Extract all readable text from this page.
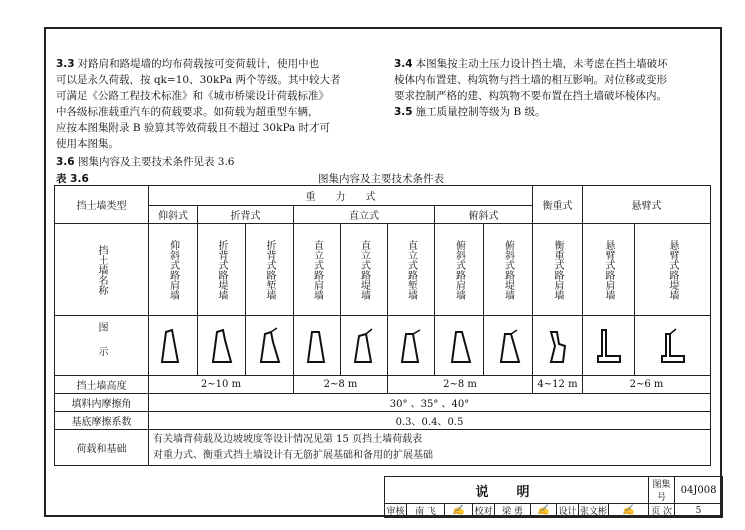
3.3 对路肩和路堤墙的均布荷载按可变荷载计，使用中也
可以是永久荷载，按 qk=10、30kPa 两个等级。其中较大者
可满足《公路工程技术标准》和《城市桥梁设计荷载标准》
中各级标准载重汽车的荷载要求。如荷载为超重型车辆，
应按本图集附录 B 验算其等效荷载且不超过 30kPa 时才可
使用本图集。

3.4 本图集按主动土压力设计挡土墙，未考虑在挡土墙破坏
棱体内布置建、构筑物与挡土墙的相互影响。对位移或变形
要求控制严格的建、构筑物不要布置在挡土墙破坏棱体内。

3.5 施工质量控制等级为 B 级。

3.6 图集内容及主要技术条件见表 3.6
表 3.6	图集内容及主要技术条件表
挡土墙类型	重　　力　　式								衡重式	悬臂式	
	仰斜式	折背式		直立式			俯斜式				

挡土墙名称	仰斜式路肩墙	折背式路堤墙	折背式路堑墙	直立式路肩墙	直立式路堤墙	直立式路堑墙	俯斜式路肩墙	俯斜式路堤墙	衡重式路肩墙	悬臂式路肩墙	悬臂式路堤墙

图示

挡土墙高度	2~10 m			2~8 m		2~8 m			4~12 m	2~6 m	
填料内摩擦角	30° 、35° 、40°										
基底摩擦系数	0.3、0.4、0.5										
荷载和基础	有关墙背荷载及边坡坡度等设计情况见第 15 页挡土墙荷载表
对重力式、衡重式挡土墙设计有无筋扩展基础和备用的扩展基础										
说明									图集号	04J008
审核	南 飞	✍	校对	梁 勇	✍	设计	张文彬	✍	页 次	5
